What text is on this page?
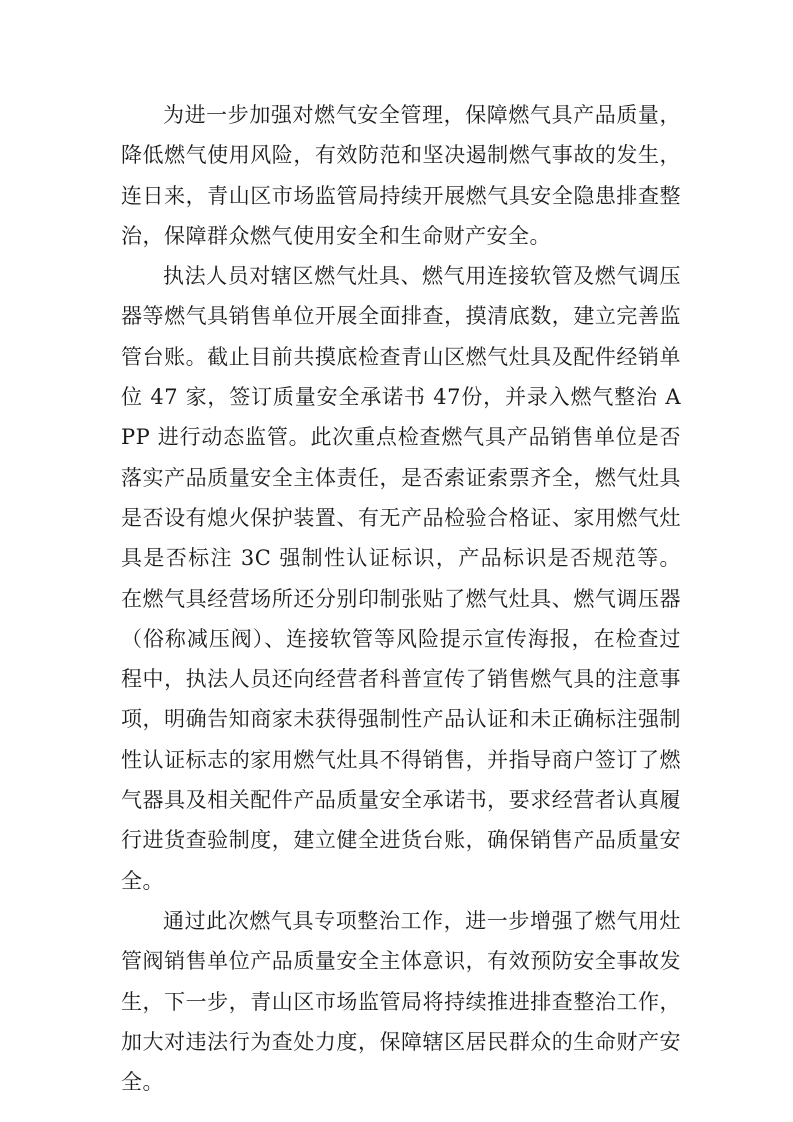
为进一步加强对燃气安全管理，保障燃气具产品质量，降低燃气使用风险，有效防范和坚决遏制燃气事故的发生，连日来，青山区市场监管局持续开展燃气具安全隐患排查整治，保障群众燃气使用安全和生命财产安全。

执法人员对辖区燃气灶具、燃气用连接软管及燃气调压器等燃气具销售单位开展全面排查，摸清底数，建立完善监管台账。截止目前共摸底检查青山区燃气灶具及配件经销单位 47 家，签订质量安全承诺书 47份，并录入燃气整治 APP 进行动态监管。此次重点检查燃气具产品销售单位是否落实产品质量安全主体责任，是否索证索票齐全，燃气灶具是否设有熄火保护装置、有无产品检验合格证、家用燃气灶具是否标注 3C 强制性认证标识，产品标识是否规范等。在燃气具经营场所还分别印制张贴了燃气灶具、燃气调压器（俗称减压阀）、连接软管等风险提示宣传海报，在检查过程中，执法人员还向经营者科普宣传了销售燃气具的注意事项，明确告知商家未获得强制性产品认证和未正确标注强制性认证标志的家用燃气灶具不得销售，并指导商户签订了燃气器具及相关配件产品质量安全承诺书，要求经营者认真履行进货查验制度，建立健全进货台账，确保销售产品质量安全。

通过此次燃气具专项整治工作，进一步增强了燃气用灶管阀销售单位产品质量安全主体意识，有效预防安全事故发生，下一步，青山区市场监管局将持续推进排查整治工作，加大对违法行为查处力度，保障辖区居民群众的生命财产安全。
